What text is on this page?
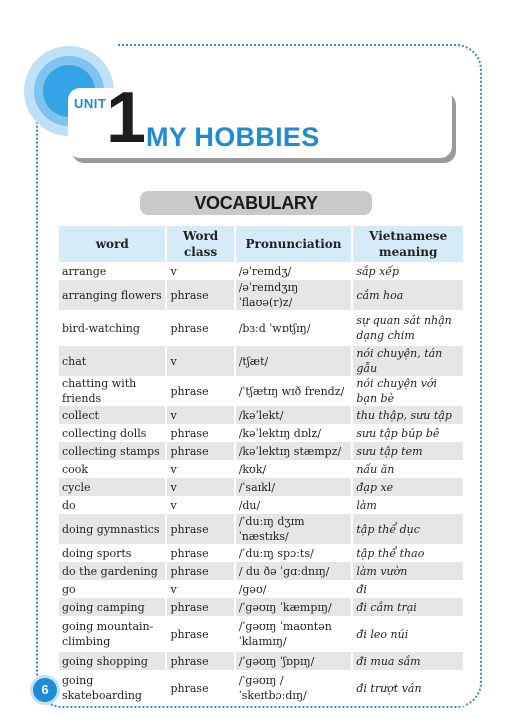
UNIT 1 MY HOBBIES
VOCABULARY
word	Word class	Pronunciation	Vietnamese meaning
arrange	v	/əˈreɪndʒ/	sắp xếp
arranging flowers	phrase	/əˈreɪndʒɪŋ ˈflaʊə(r)z/	cắm hoa
bird-watching	phrase	/bɜːd ˈwɒtʃɪŋ/	sự quan sát nhận dạng chim
chat	v	/tʃæt/	nói chuyện, tán gẫu
chatting with friends	phrase	/ˈtʃætɪŋ wɪð frendz/	nói chuyện với bạn bè
collect	v	/kəˈlekt/	thu thập, sưu tập
collecting dolls	phrase	/kəˈlektɪŋ dɒlz/	sưu tập búp bê
collecting stamps	phrase	/kəˈlektɪŋ stæmpz/	sưu tập tem
cook	v	/kʊk/	nấu ăn
cycle	v	/ˈsaɪkl/	đạp xe
do	v	/du/	làm
doing gymnastics	phrase	/ˈduːɪŋ dʒɪmˈnæstɪks/	tập thể dục
doing sports	phrase	/ˈduːɪŋ spɔːts/	tập thể thao
do the gardening	phrase	/ du ðə ˈɡɑːdnɪŋ/	làm vườn
go	v	/ɡəʊ/	đi
going camping	phrase	/ˈɡəʊɪŋ ˈkæmpɪŋ/	đi cắm trại
going mountain-climbing	phrase	/ˈɡəʊɪŋ ˈmaʊntən ˈklaɪmɪŋ/	đi leo núi
going shopping	phrase	/ˈɡəʊɪŋ ˈʃɒpɪŋ/	đi mua sắm
going skateboarding	phrase	/ˈɡəʊɪŋ /ˈskeɪtbɔːdɪŋ/	đi trượt ván
6
